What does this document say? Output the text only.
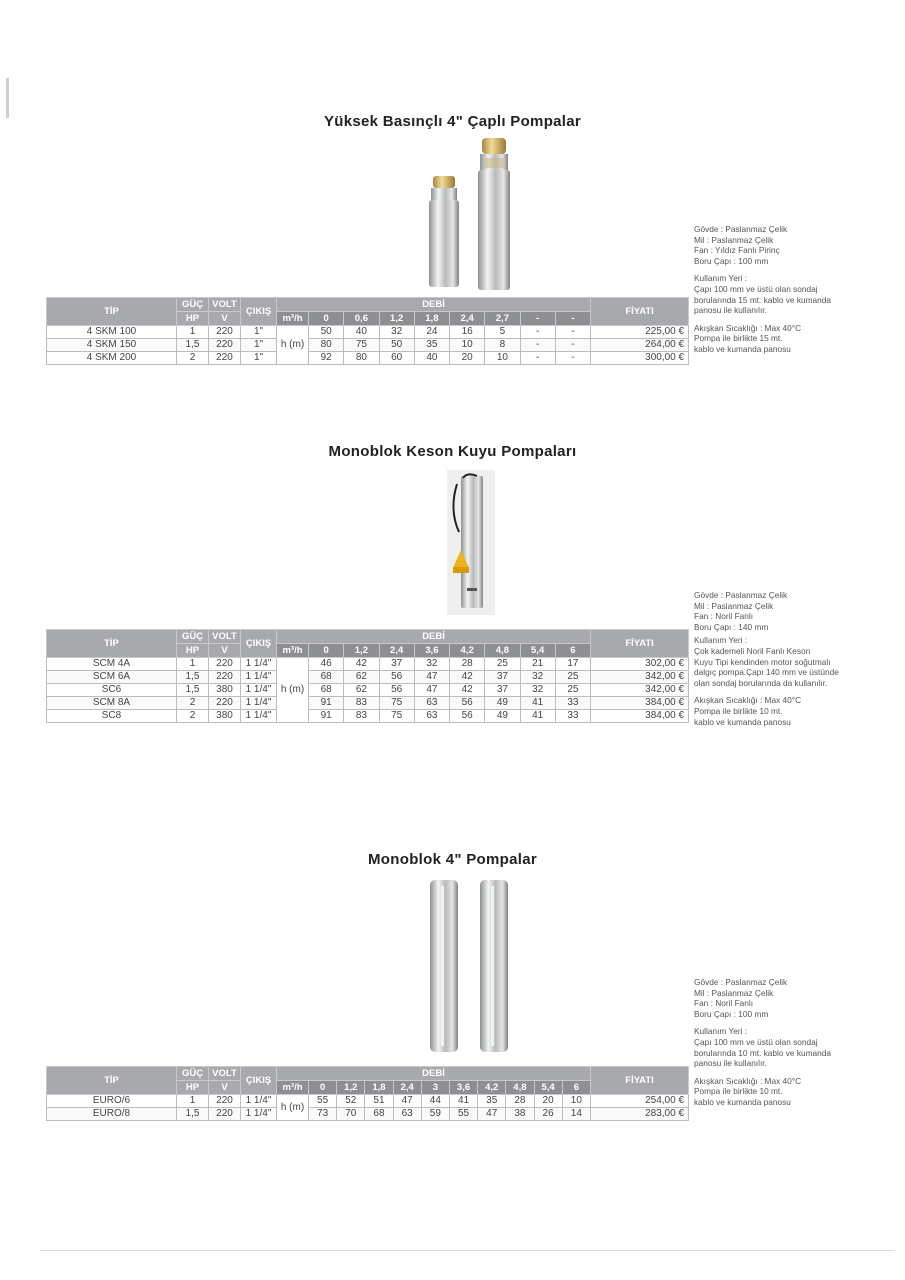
Yüksek Basınçlı 4" Çaplı Pompalar

Gövde : Paslanmaz Çelik

Mil : Paslanmaz Çelik

Fan : Yıldız Fanlı Pirinç

Boru Çapı : 100 mm

Kullanım Yeri :

Çapı 100 mm ve üstü olan sondaj

borularında 15 mt. kablo ve kumanda

panosu ile kullanılır.

Akışkan Sıcaklığı : Max 40°C

Pompa ile birlikte 15 mt.

kablo ve kumanda panosu

TİP	GÜÇ	VOLT	ÇIKIŞ	DEBİ									FİYATI
	HP	V		m³/h	0	0,6	1,2	1,8	2,4	2,7	-	-	
4 SKM 100	1	220	1"	h (m)	50	40	32	24	16	5	-	-	225,00 €
4 SKM 150	1,5	220	1"		80	75	50	35	10	8	-	-	264,00 €
4 SKM 200	2	220	1"		92	80	60	40	20	10	-	-	300,00 €
Monoblok Keson Kuyu Pompaları

Gövde : Paslanmaz Çelik

Mil : Paslanmaz Çelik

Fan : Noril Fanlı

Boru Çapı : 140 mm

Kullanım Yeri :

Çok kademeli Noril Fanlı Keson

Kuyu Tipi kendinden motor soğutmalı

dalgıç pompa.Çapı 140 mm ve üstünde

olan sondaj borularında da kullanılır.

Akışkan Sıcaklığı : Max 40°C

Pompa ile birlikte 10 mt.

kablo ve kumanda panosu

TİP	GÜÇ	VOLT	ÇIKIŞ	DEBİ									FİYATI
	HP	V		m³/h	0	1,2	2,4	3,6	4,2	4,8	5,4	6	
SCM 4A	1	220	1 1/4"	h (m)	46	42	37	32	28	25	21	17	302,00 €
SCM 6A	1,5	220	1 1/4"		68	62	56	47	42	37	32	25	342,00 €
SC6	1,5	380	1 1/4"		68	62	56	47	42	37	32	25	342,00 €
SCM 8A	2	220	1 1/4"		91	83	75	63	56	49	41	33	384,00 €
SC8	2	380	1 1/4"		91	83	75	63	56	49	41	33	384,00 €
Monoblok 4" Pompalar

Gövde : Paslanmaz Çelik

Mil : Paslanmaz Çelik

Fan : Noril Fanlı

Boru Çapı : 100 mm

Kullanım Yeri :

Çapı 100 mm ve üstü olan sondaj

borularında 10 mt. kablo ve kumanda

panosu ile kullanılır.

Akışkan Sıcaklığı : Max 40°C

Pompa ile birlikte 10 mt.

kablo ve kumanda panosu

TİP	GÜÇ	VOLT	ÇIKIŞ	DEBİ											FİYATI
	HP	V		m³/h	0	1,2	1,8	2,4	3	3,6	4,2	4,8	5,4	6	
EURO/6	1	220	1 1/4"	h (m)	55	52	51	47	44	41	35	28	20	10	254,00 €
EURO/8	1,5	220	1 1/4"		73	70	68	63	59	55	47	38	26	14	283,00 €
